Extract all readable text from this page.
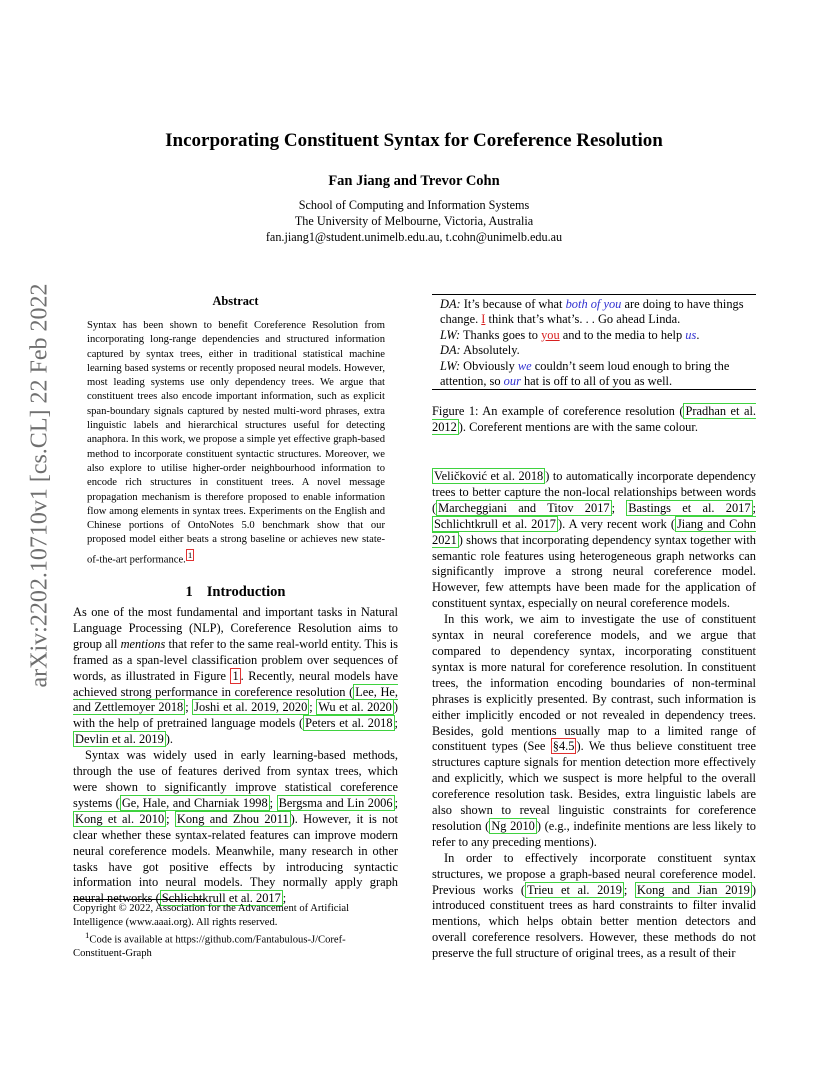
arXiv:2202.10710v1 [cs.CL] 22 Feb 2022
Incorporating Constituent Syntax for Coreference Resolution
Fan Jiang and Trevor Cohn
School of Computing and Information Systems
The University of Melbourne, Victoria, Australia
fan.jiang1@student.unimelb.edu.au, t.cohn@unimelb.edu.au
Abstract
Syntax has been shown to benefit Coreference Resolution from incorporating long-range dependencies and structured information captured by syntax trees, either in traditional statistical machine learning based systems or recently proposed neural models. However, most leading systems use only dependency trees. We argue that constituent trees also encode important information, such as explicit span-boundary signals captured by nested multi-word phrases, extra linguistic labels and hierarchical structures useful for detecting anaphora. In this work, we propose a simple yet effective graph-based method to incorporate constituent syntactic structures. Moreover, we also explore to utilise higher-order neighbourhood information to encode rich structures in constituent trees. A novel message propagation mechanism is therefore proposed to enable information flow among elements in syntax trees. Experiments on the English and Chinese portions of OntoNotes 5.0 benchmark show that our proposed model either beats a strong baseline or achieves new state-of-the-art performance. $^1$
1 Introduction

As one of the most fundamental and important tasks in Natural Language Processing (NLP), Coreference Resolution aims to group all mentions that refer to the same real-world entity. This is framed as a span-level classification problem over sequences of words, as illustrated in Figure 1 . Recently, neural models have achieved strong performance in coreference resolution ( Lee, He, and Zettlemoyer 2018 ; Joshi et al. 2019, 2020 ; Wu et al. 2020 ) with the help of pretrained language models ( Peters et al. 2018 ; Devlin et al. 2019 ).

Syntax was widely used in early learning-based methods, through the use of features derived from syntax trees, which were shown to significantly improve statistical coreference systems ( Ge, Hale, and Charniak 1998 ; Bergsma and Lin 2006 ; Kong et al. 2010 ; Kong and Zhou 2011 ). However, it is not clear whether these syntax-related features can improve modern neural coreference models. Meanwhile, many research in other tasks have got positive effects by introducing syntactic information into neural models. They normally apply graph neural networks ( Schlichtkrull et al. 2017 ;

Copyright © 2022, Association for the Advancement of Artificial Intelligence (www.aaai.org). All rights reserved.

$^1$Code is available at https://github.com/Fantabulous-J/Coref-Constituent-Graph

DA: It’s because of what both of you are doing to have things change. I think that’s what’s. . . Go ahead Linda.

LW: Thanks goes to you and to the media to help us.

DA: Absolutely.

LW: Obviously we couldn’t seem loud enough to bring the attention, so our hat is off to all of you as well.

Figure 1: An example of coreference resolution ( Pradhan et al. 2012 ). Coreferent mentions are with the same colour.

Veličković et al. 2018 ) to automatically incorporate dependency trees to better capture the non-local relationships between words ( Marcheggiani and Titov 2017 ; Bastings et al. 2017 ; Schlichtkrull et al. 2017 ). A very recent work ( Jiang and Cohn 2021 ) shows that incorporating dependency syntax together with semantic role features using heterogeneous graph networks can significantly improve a strong neural coreference model. However, few attempts have been made for the application of constituent syntax, especially on neural coreference models.

In this work, we aim to investigate the use of constituent syntax in neural coreference models, and we argue that compared to dependency syntax, incorporating constituent syntax is more natural for coreference resolution. In constituent trees, the information encoding boundaries of non-terminal phrases is explicitly presented. By contrast, such information is either implicitly encoded or not revealed in dependency trees. Besides, gold mentions usually map to a limited range of constituent types (See §4.5 ). We thus believe constituent tree structures capture signals for mention detection more effectively and explicitly, which we suspect is more helpful to the overall coreference resolution task. Besides, extra linguistic labels are also shown to reveal linguistic constraints for coreference resolution ( Ng 2010 ) (e.g., indefinite mentions are less likely to refer to any preceding mentions).

In order to effectively incorporate constituent syntax structures, we propose a graph-based neural coreference model. Previous works ( Trieu et al. 2019 ; Kong and Jian 2019 ) introduced constituent trees as hard constraints to filter invalid mentions, which helps obtain better mention detectors and overall coreference resolvers. However, these methods do not preserve the full structure of original trees, as a result of their
